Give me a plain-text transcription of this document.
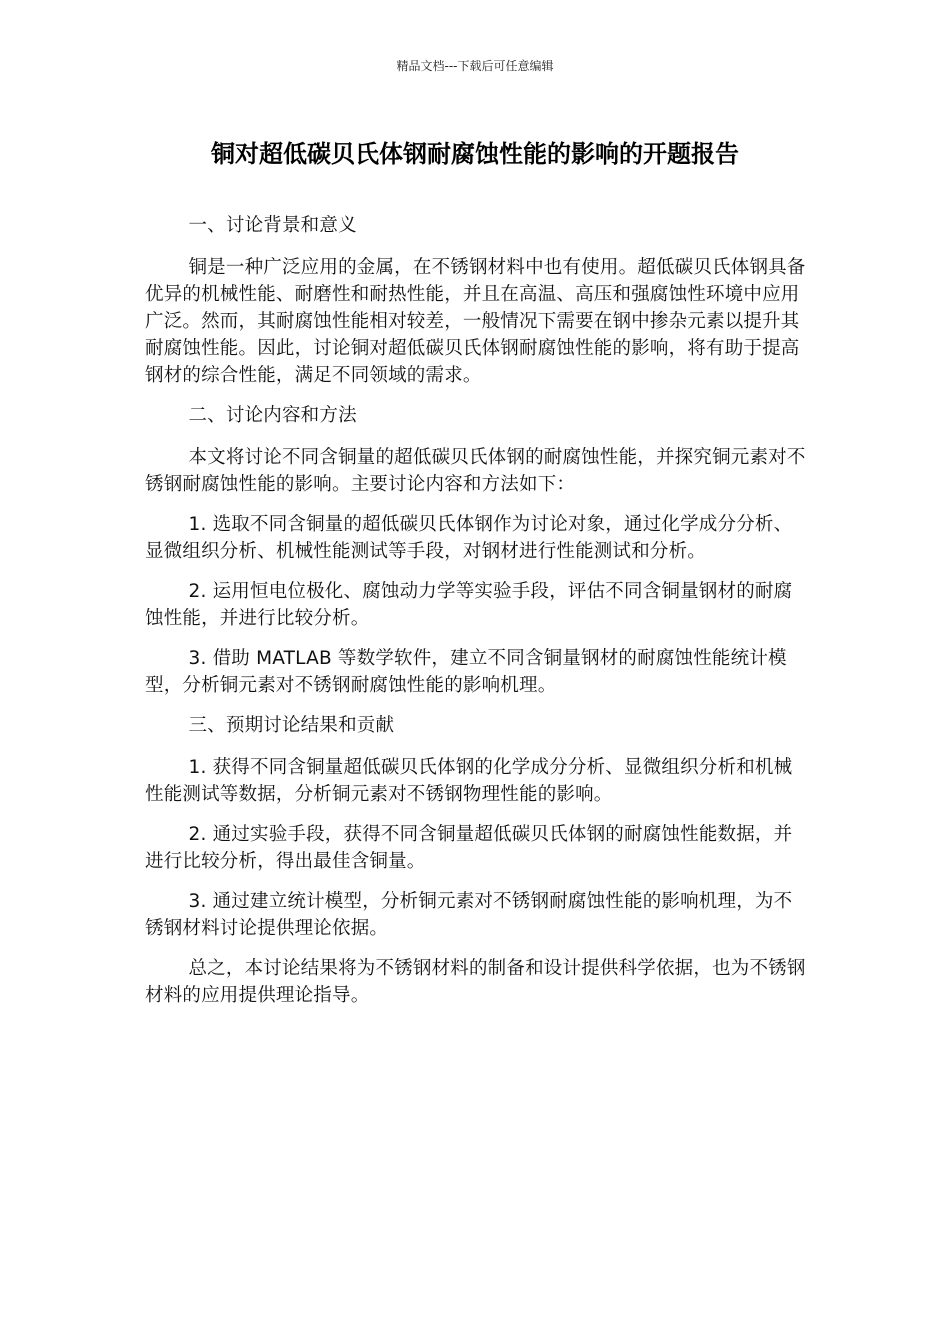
精品文档---下载后可任意编辑
铜对超低碳贝氏体钢耐腐蚀性能的影响的开题报告

一、讨论背景和意义

铜是一种广泛应用的金属，在不锈钢材料中也有使用。超低碳贝氏体钢具备优异的机械性能、耐磨性和耐热性能，并且在高温、高压和强腐蚀性环境中应用广泛。然而，其耐腐蚀性能相对较差，一般情况下需要在钢中掺杂元素以提升其耐腐蚀性能。因此，讨论铜对超低碳贝氏体钢耐腐蚀性能的影响，将有助于提高钢材的综合性能，满足不同领域的需求。

二、讨论内容和方法

本文将讨论不同含铜量的超低碳贝氏体钢的耐腐蚀性能，并探究铜元素对不锈钢耐腐蚀性能的影响。主要讨论内容和方法如下：

1. 选取不同含铜量的超低碳贝氏体钢作为讨论对象，通过化学成分分析、显微组织分析、机械性能测试等手段，对钢材进行性能测试和分析。

2. 运用恒电位极化、腐蚀动力学等实验手段，评估不同含铜量钢材的耐腐蚀性能，并进行比较分析。

3. 借助 MATLAB 等数学软件，建立不同含铜量钢材的耐腐蚀性能统计模型，分析铜元素对不锈钢耐腐蚀性能的影响机理。

三、预期讨论结果和贡献

1. 获得不同含铜量超低碳贝氏体钢的化学成分分析、显微组织分析和机械性能测试等数据，分析铜元素对不锈钢物理性能的影响。

2. 通过实验手段，获得不同含铜量超低碳贝氏体钢的耐腐蚀性能数据，并进行比较分析，得出最佳含铜量。

3. 通过建立统计模型，分析铜元素对不锈钢耐腐蚀性能的影响机理，为不锈钢材料讨论提供理论依据。

总之，本讨论结果将为不锈钢材料的制备和设计提供科学依据，也为不锈钢材料的应用提供理论指导。
